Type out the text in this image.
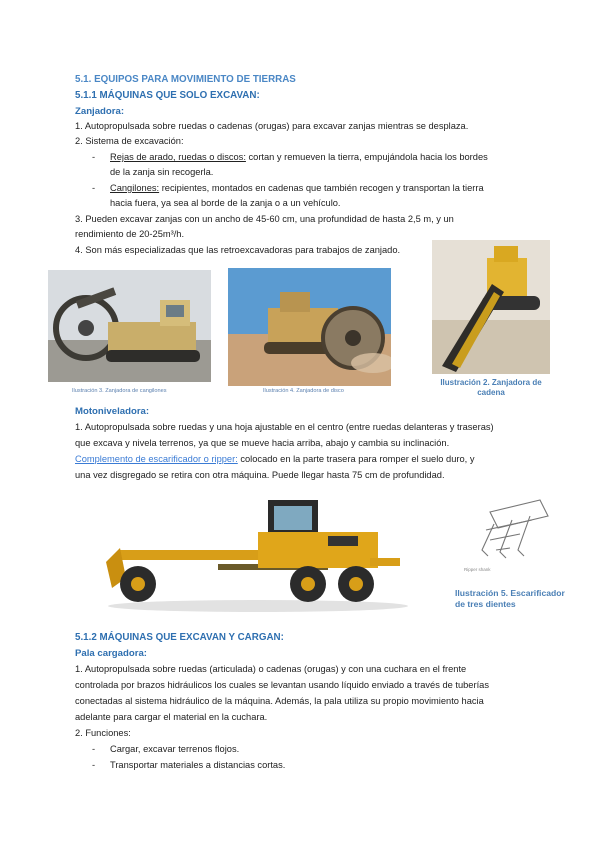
5.1. EQUIPOS PARA MOVIMIENTO DE TIERRAS
5.1.1 MÁQUINAS QUE SOLO EXCAVAN:
Zanjadora:
1. Autopropulsada sobre ruedas o cadenas (orugas) para excavar zanjas mientras se desplaza.
2. Sistema de excavación:
- Rejas de arado, ruedas o discos: cortan y remueven la tierra, empujándola hacia los bordes
de la zanja sin recogerla.
- Cangilones: recipientes, montados en cadenas que también recogen y transportan la tierra
hacia fuera, ya sea al borde de la zanja o a un vehículo.
3. Pueden excavar zanjas con un ancho de 45-60 cm, una profundidad de hasta 2,5 m, y un
rendimiento de 20-25m³/h.
4. Son más especializadas que las retroexcavadoras para trabajos de zanjado.
Ilustración 3. Zanjadora de cangilones	Ilustración 4. Zanjadora de disco
Ilustración 2. Zanjadora de
cadena
Motoniveladora:
1. Autopropulsada sobre ruedas y una hoja ajustable en el centro (entre ruedas delanteras y traseras)
que excava y nivela terrenos, ya que se mueve hacia arriba, abajo y cambia su inclinación.
Complemento de escarificador o ripper: colocado en la parte trasera para romper el suelo duro, y
una vez disgregado se retira con otra máquina. Puede llegar hasta 75 cm de profundidad.
Ripper shank
Ilustración 5. Escarificador
de tres dientes
5.1.2 MÁQUINAS QUE EXCAVAN Y CARGAN:
Pala cargadora:
1. Autopropulsada sobre ruedas (articulada) o cadenas (orugas) y con una cuchara en el frente
controlada por brazos hidráulicos los cuales se levantan usando líquido enviado a través de tuberías
conectadas al sistema hidráulico de la máquina. Además, la pala utiliza su propio movimiento hacia
adelante para cargar el material en la cuchara.
2. Funciones:
- Cargar, excavar terrenos flojos.
- Transportar materiales a distancias cortas.
